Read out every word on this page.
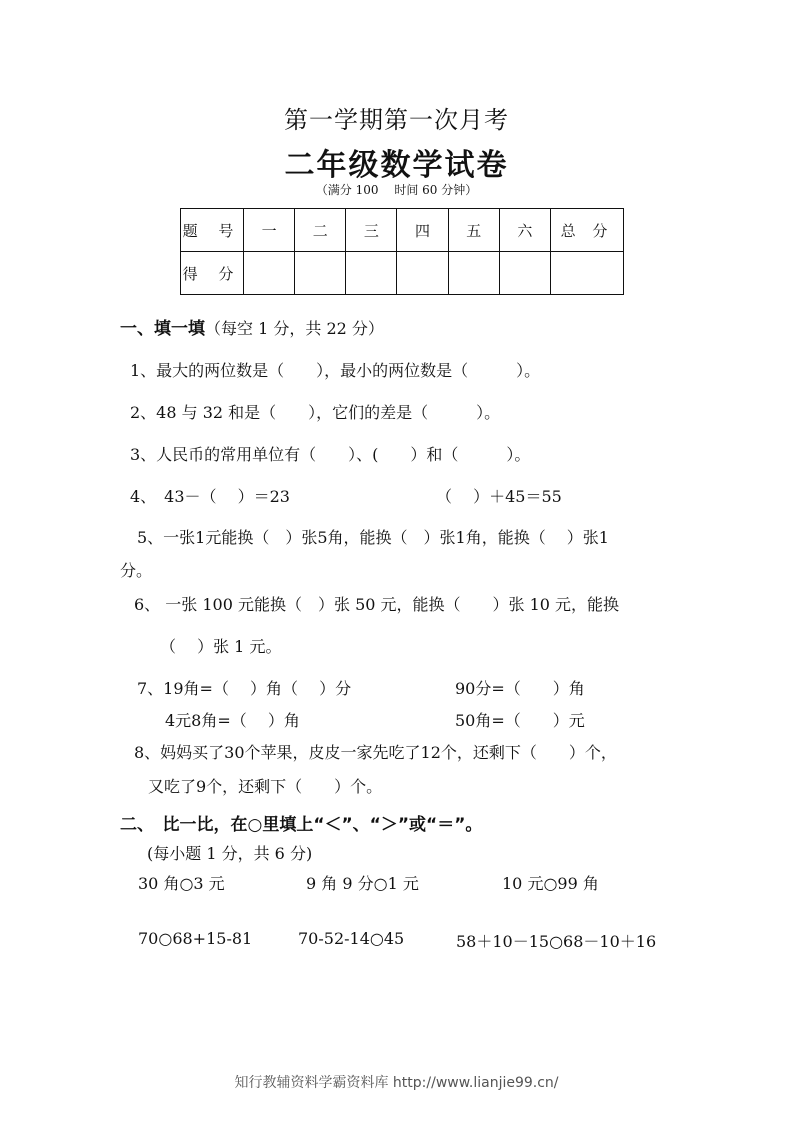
第一学期第一次月考
二年级数学试卷
（满分 100　 时间 60 分钟）
题 号	一	二	三	四	五	六	总 分
得 分							
一、填一填（每空 1 分，共 22 分）
1、最大的两位数是（　　），最小的两位数是（　　　）。
2、48 与 32 和是（　　），它们的差是（　　　）。
3、人民币的常用单位有（　　）、(　　）和（　　　）。
4、　43－（　 ）＝23	（　 ）＋45＝55
5、一张1元能换（　）张5角，能换（　）张1角，能换（　 ）张1
分。
6、 一张 100 元能换（　）张 50 元，能换（　　）张 10 元，能换
（　 ）张 1 元。
7、19角=（　 ）角（　 ）分	90分=（　　）角
4元8角=（　 ）角	50角=（　　）元
8、妈妈买了30个苹果，皮皮一家先吃了12个，还剩下（　　）个，
又吃了9个，还剩下（　　）个。
二、　比一比，在○里填上“＜”、“＞”或“＝”。
(每小题 1 分，共 6 分)
30 角○3 元	9 角 9 分○1 元	10 元○99 角
70○68+15-81	70-52-14○45	58＋10－15○68－10＋16
知行教辅资料学霸资料库 http://www.lianjie99.cn/
